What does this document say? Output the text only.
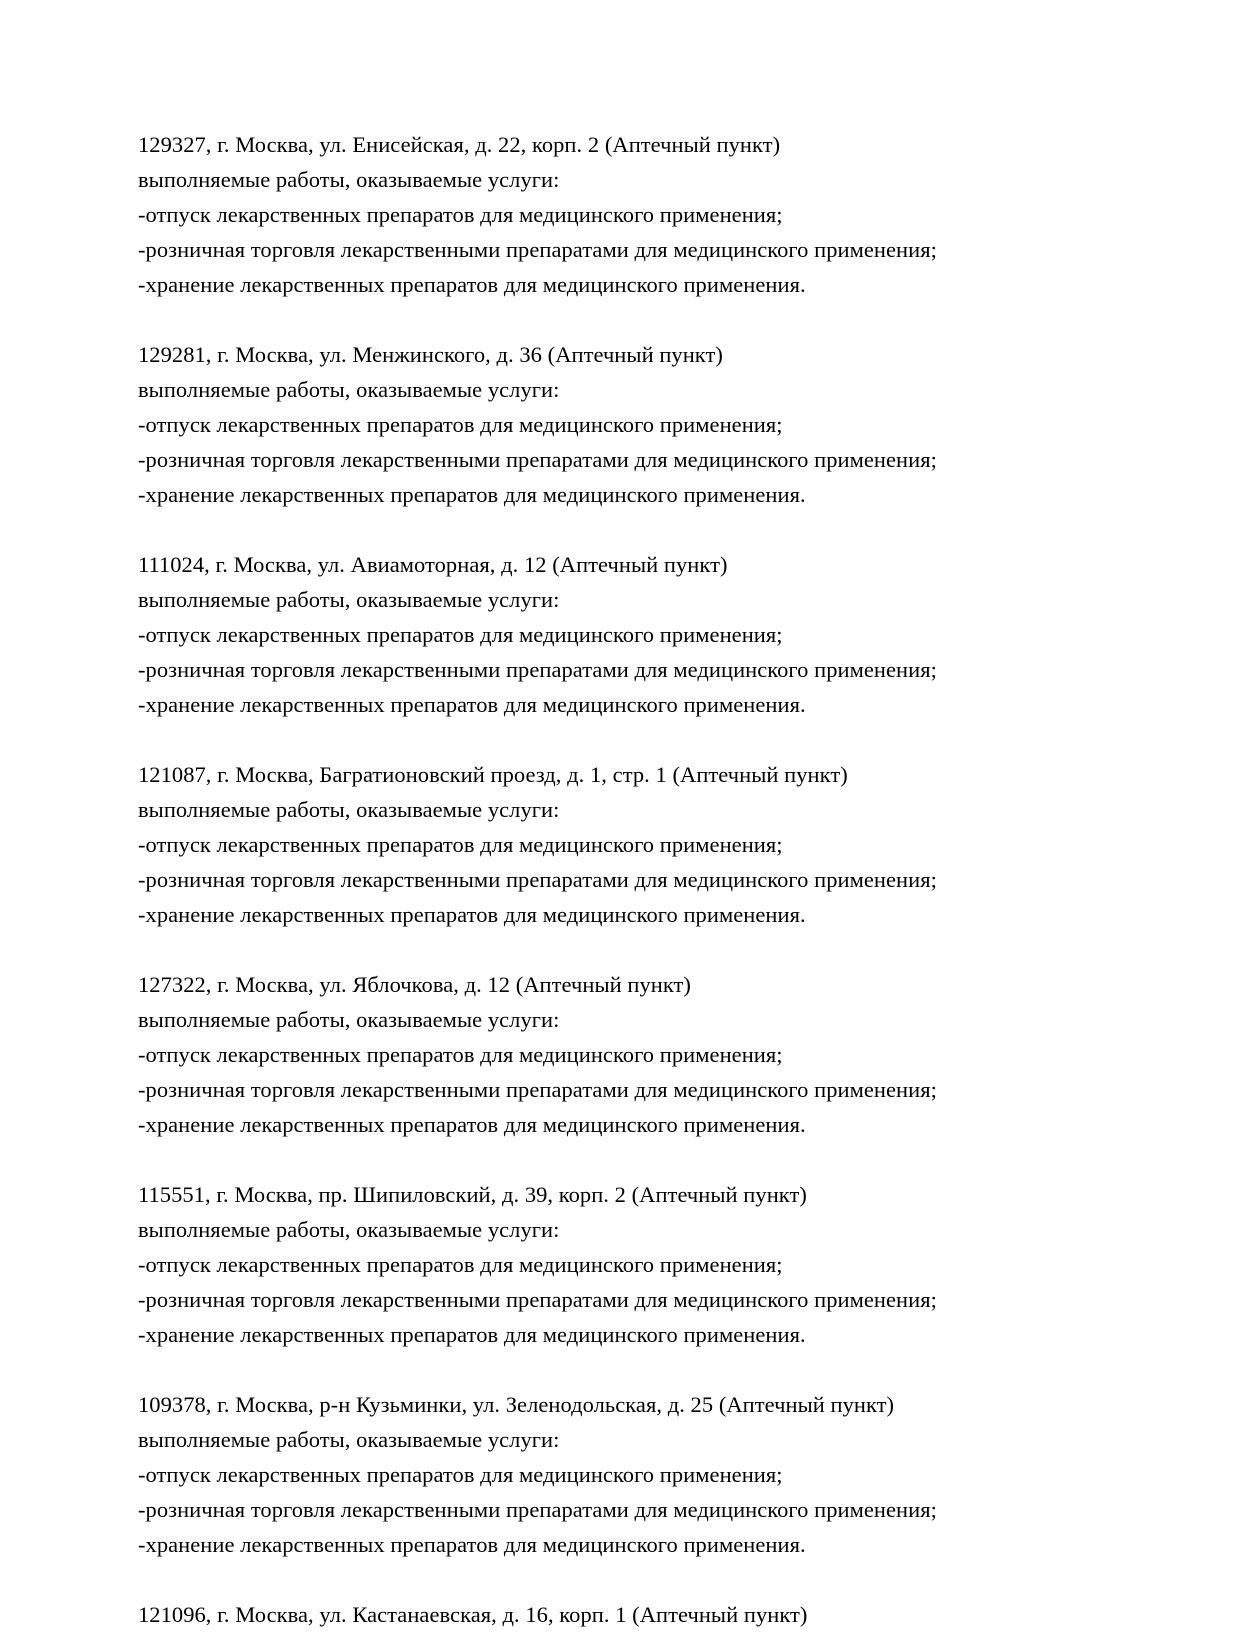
129327, г. Москва, ул. Енисейская, д. 22, корп. 2 (Аптечный пункт)
выполняемые работы, оказываемые услуги:
-отпуск лекарственных препаратов для медицинского применения;
-розничная торговля лекарственными препаратами для медицинского применения;
-хранение лекарственных препаратов для медицинского применения.
129281, г. Москва, ул. Менжинского, д. 36 (Аптечный пункт)
выполняемые работы, оказываемые услуги:
-отпуск лекарственных препаратов для медицинского применения;
-розничная торговля лекарственными препаратами для медицинского применения;
-хранение лекарственных препаратов для медицинского применения.
111024, г. Москва, ул. Авиамоторная, д. 12 (Аптечный пункт)
выполняемые работы, оказываемые услуги:
-отпуск лекарственных препаратов для медицинского применения;
-розничная торговля лекарственными препаратами для медицинского применения;
-хранение лекарственных препаратов для медицинского применения.
121087, г. Москва, Багратионовский проезд, д. 1, стр. 1 (Аптечный пункт)
выполняемые работы, оказываемые услуги:
-отпуск лекарственных препаратов для медицинского применения;
-розничная торговля лекарственными препаратами для медицинского применения;
-хранение лекарственных препаратов для медицинского применения.
127322, г. Москва, ул. Яблочкова, д. 12 (Аптечный пункт)
выполняемые работы, оказываемые услуги:
-отпуск лекарственных препаратов для медицинского применения;
-розничная торговля лекарственными препаратами для медицинского применения;
-хранение лекарственных препаратов для медицинского применения.
115551, г. Москва, пр. Шипиловский, д. 39, корп. 2 (Аптечный пункт)
выполняемые работы, оказываемые услуги:
-отпуск лекарственных препаратов для медицинского применения;
-розничная торговля лекарственными препаратами для медицинского применения;
-хранение лекарственных препаратов для медицинского применения.
109378, г. Москва, р-н Кузьминки, ул. Зеленодольская, д. 25 (Аптечный пункт)
выполняемые работы, оказываемые услуги:
-отпуск лекарственных препаратов для медицинского применения;
-розничная торговля лекарственными препаратами для медицинского применения;
-хранение лекарственных препаратов для медицинского применения.
121096, г. Москва, ул. Кастанаевская, д. 16, корп. 1 (Аптечный пункт)
